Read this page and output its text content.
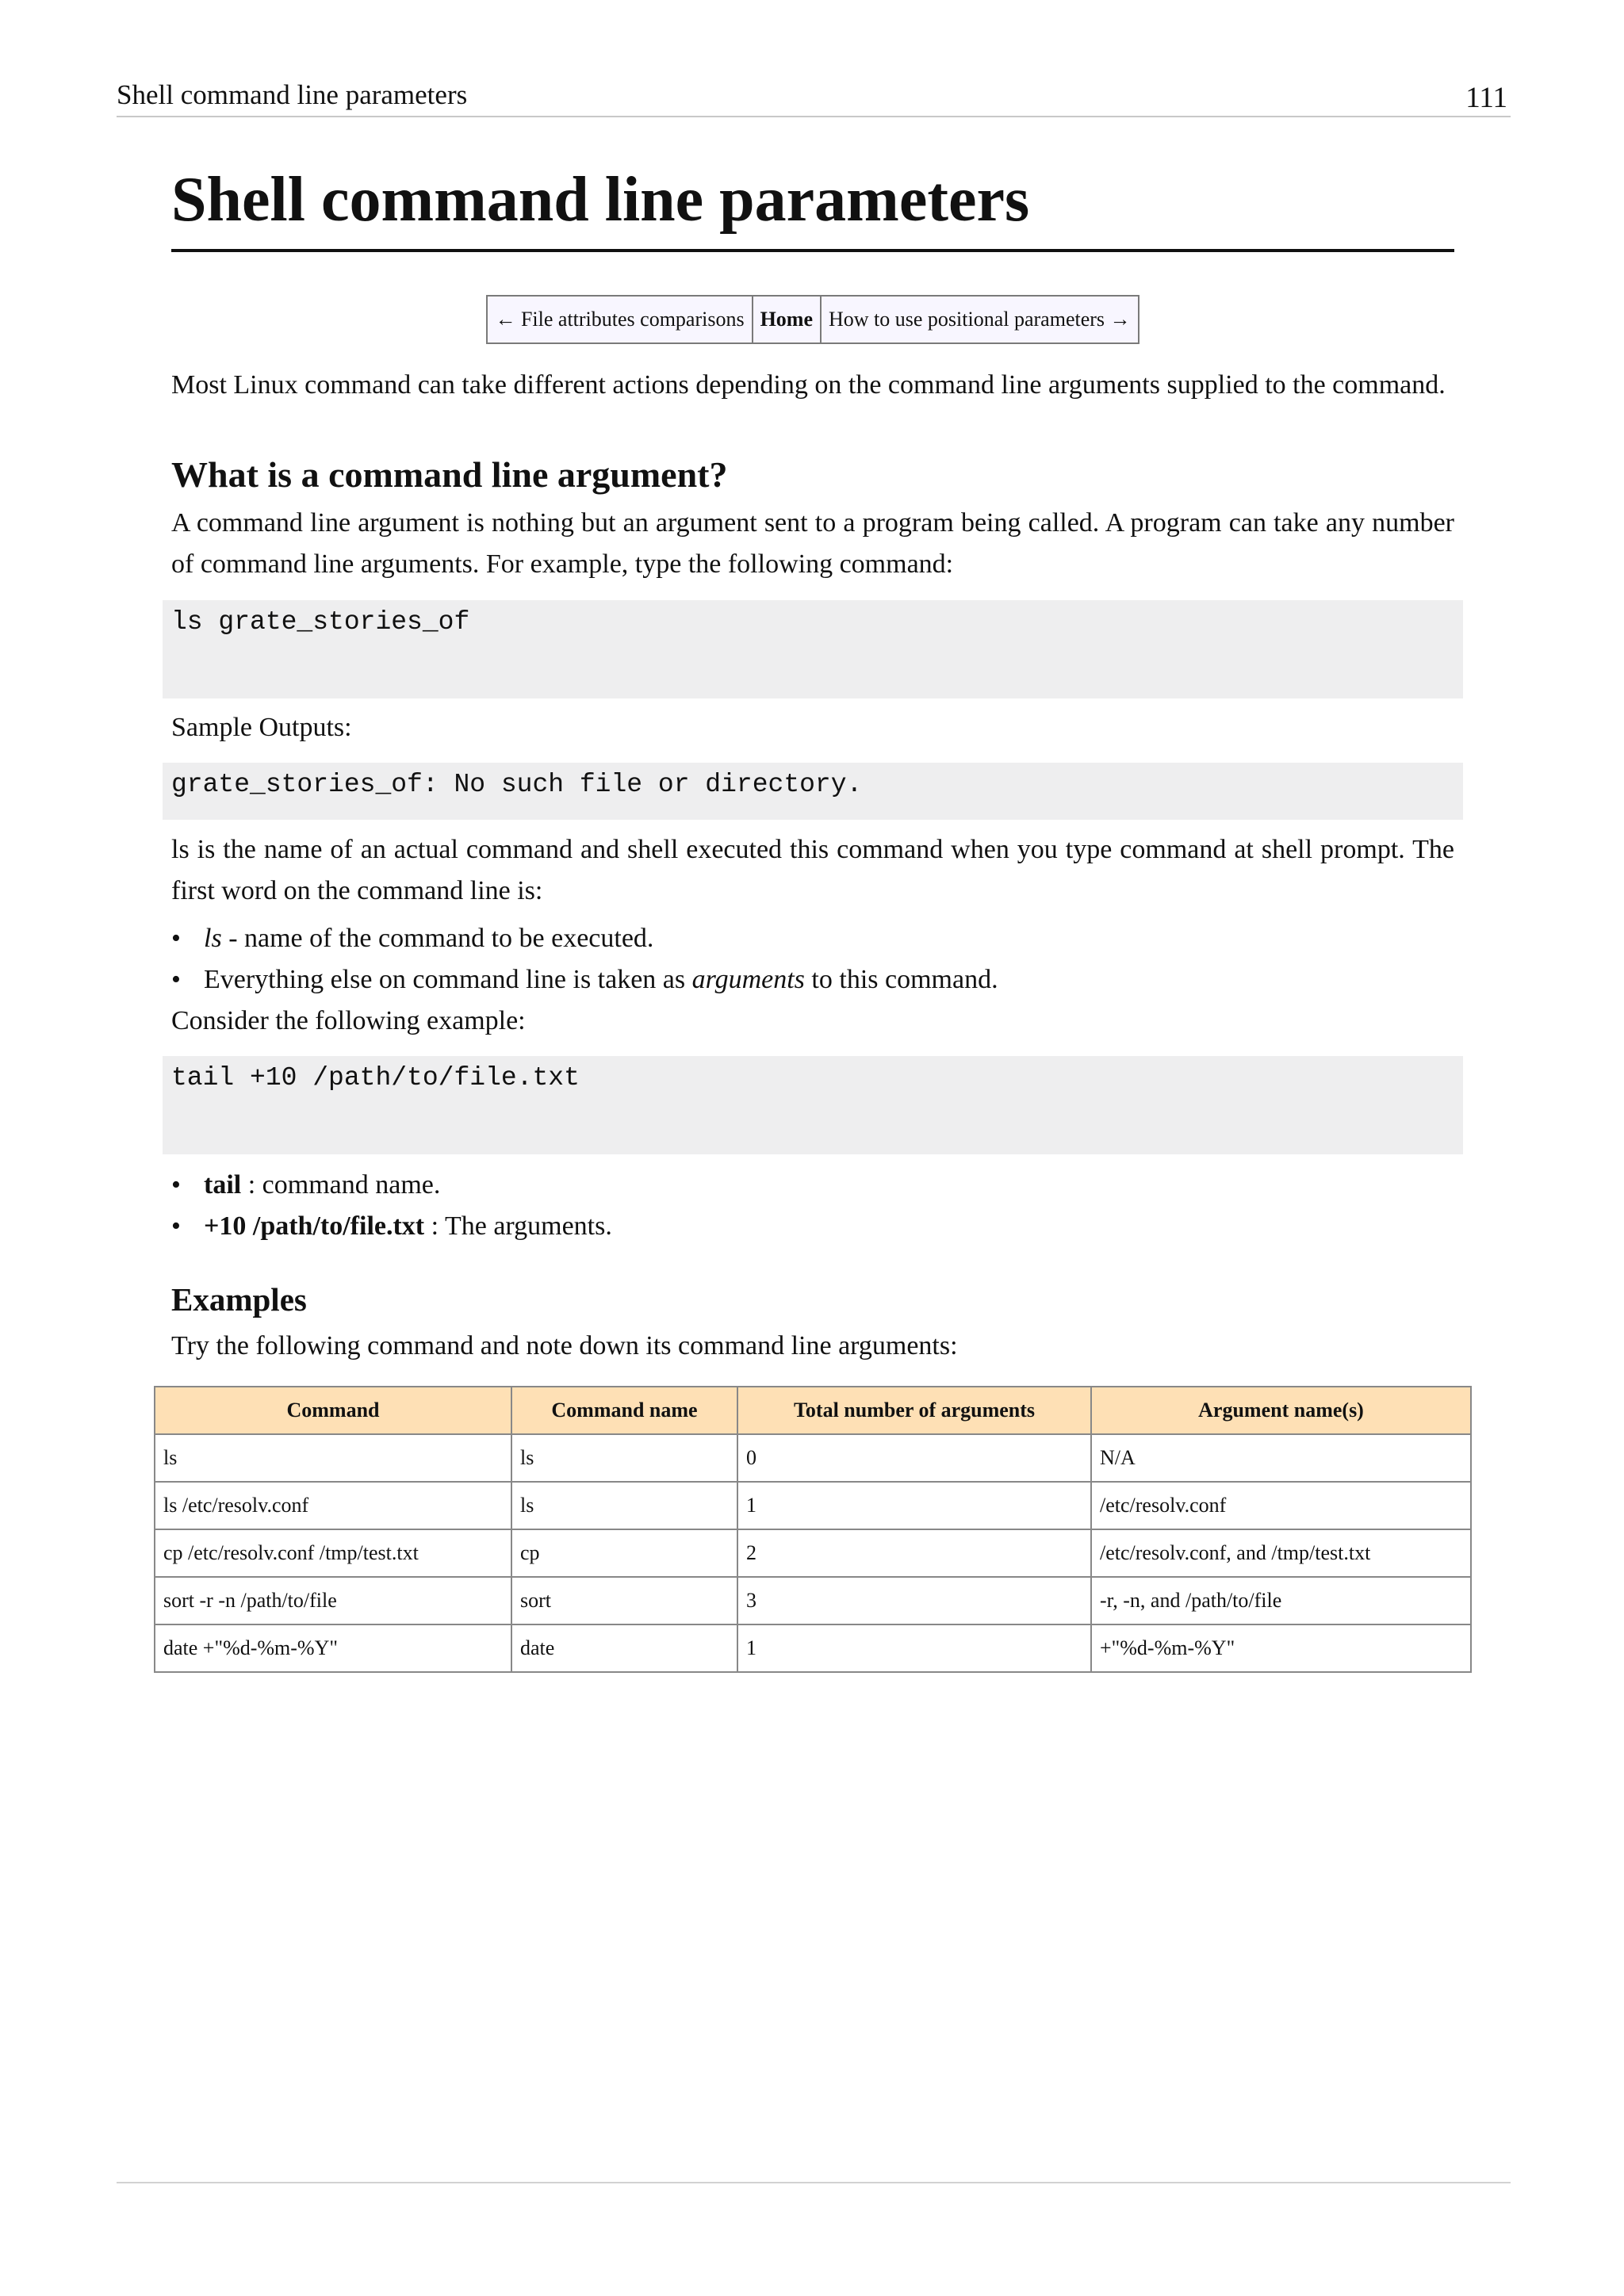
Shell command line parameters	111
Shell command line parameters
← File attributes comparisons	Home	How to use positional parameters →

Most Linux command can take different actions depending on the command line arguments supplied to the command.

What is a command line argument?

A command line argument is nothing but an argument sent to a program being called. A program can take any number of command line arguments. For example, type the following command:

ls grate_stories_of

Sample Outputs:

grate_stories_of: No such file or directory.

ls is the name of an actual command and shell executed this command when you type command at shell prompt. The first word on the command line is:

• ls - name of the command to be executed.
• Everything else on command line is taken as arguments to this command.

Consider the following example:

tail +10 /path/to/file.txt
• tail : command name.
• +10 /path/to/file.txt : The arguments.
Examples

Try the following command and note down its command line arguments:

Command	Command name	Total number of arguments	Argument name(s)
ls	ls	0	N/A
ls /etc/resolv.conf	ls	1	/etc/resolv.conf
cp /etc/resolv.conf /tmp/test.txt	cp	2	/etc/resolv.conf, and /tmp/test.txt
sort -r -n /path/to/file	sort	3	-r, -n, and /path/to/file
date +"%d-%m-%Y"	date	1	+"%d-%m-%Y"
